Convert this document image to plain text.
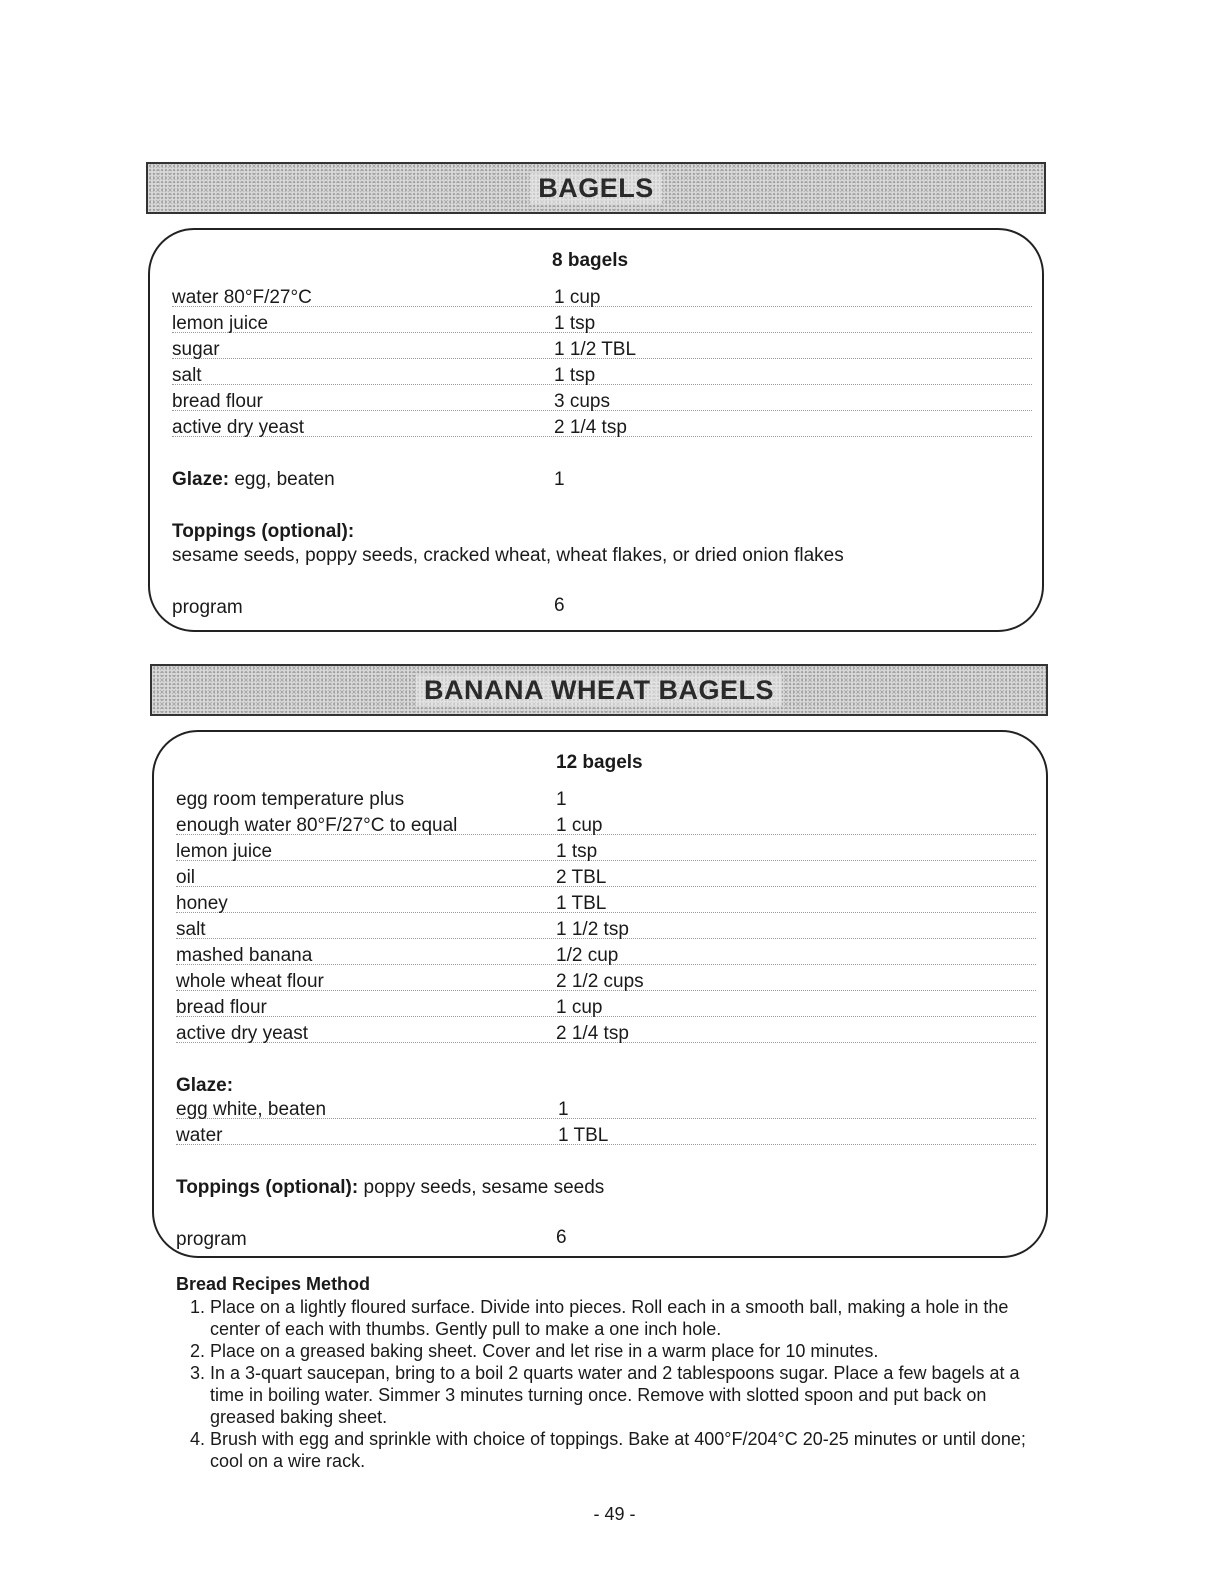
BAGELS
8 bagels
water 80°F/27°C	1 cup
lemon juice	1 tsp
sugar	1 1/2 TBL
salt	1 tsp
bread flour	3 cups
active dry yeast	2 1/4 tsp
Glaze: egg, beaten	1
Toppings (optional):
sesame seeds, poppy seeds, cracked wheat, wheat flakes, or dried onion flakes
program	6
BANANA WHEAT BAGELS
12 bagels
egg room temperature plus	1
enough water 80°F/27°C to equal	1 cup
lemon juice	1 tsp
oil	2 TBL
honey	1 TBL
salt	1 1/2 tsp
mashed banana	1/2 cup
whole wheat flour	2 1/2 cups
bread flour	1 cup
active dry yeast	2 1/4 tsp
Glaze:
egg white, beaten	1
water	1 TBL
Toppings (optional): poppy seeds, sesame seeds
program	6
Bread Recipes Method
1. Place on a lightly floured surface. Divide into pieces. Roll each in a smooth ball, making a hole in the center of each with thumbs. Gently pull to make a one inch hole.
2. Place on a greased baking sheet. Cover and let rise in a warm place for 10 minutes.
3. In a 3-quart saucepan, bring to a boil 2 quarts water and 2 tablespoons sugar. Place a few bagels at a time in boiling water. Simmer 3 minutes turning once. Remove with slotted spoon and put back on greased baking sheet.
4. Brush with egg and sprinkle with choice of toppings. Bake at 400°F/204°C 20-25 minutes or until done; cool on a wire rack.
- 49 -
